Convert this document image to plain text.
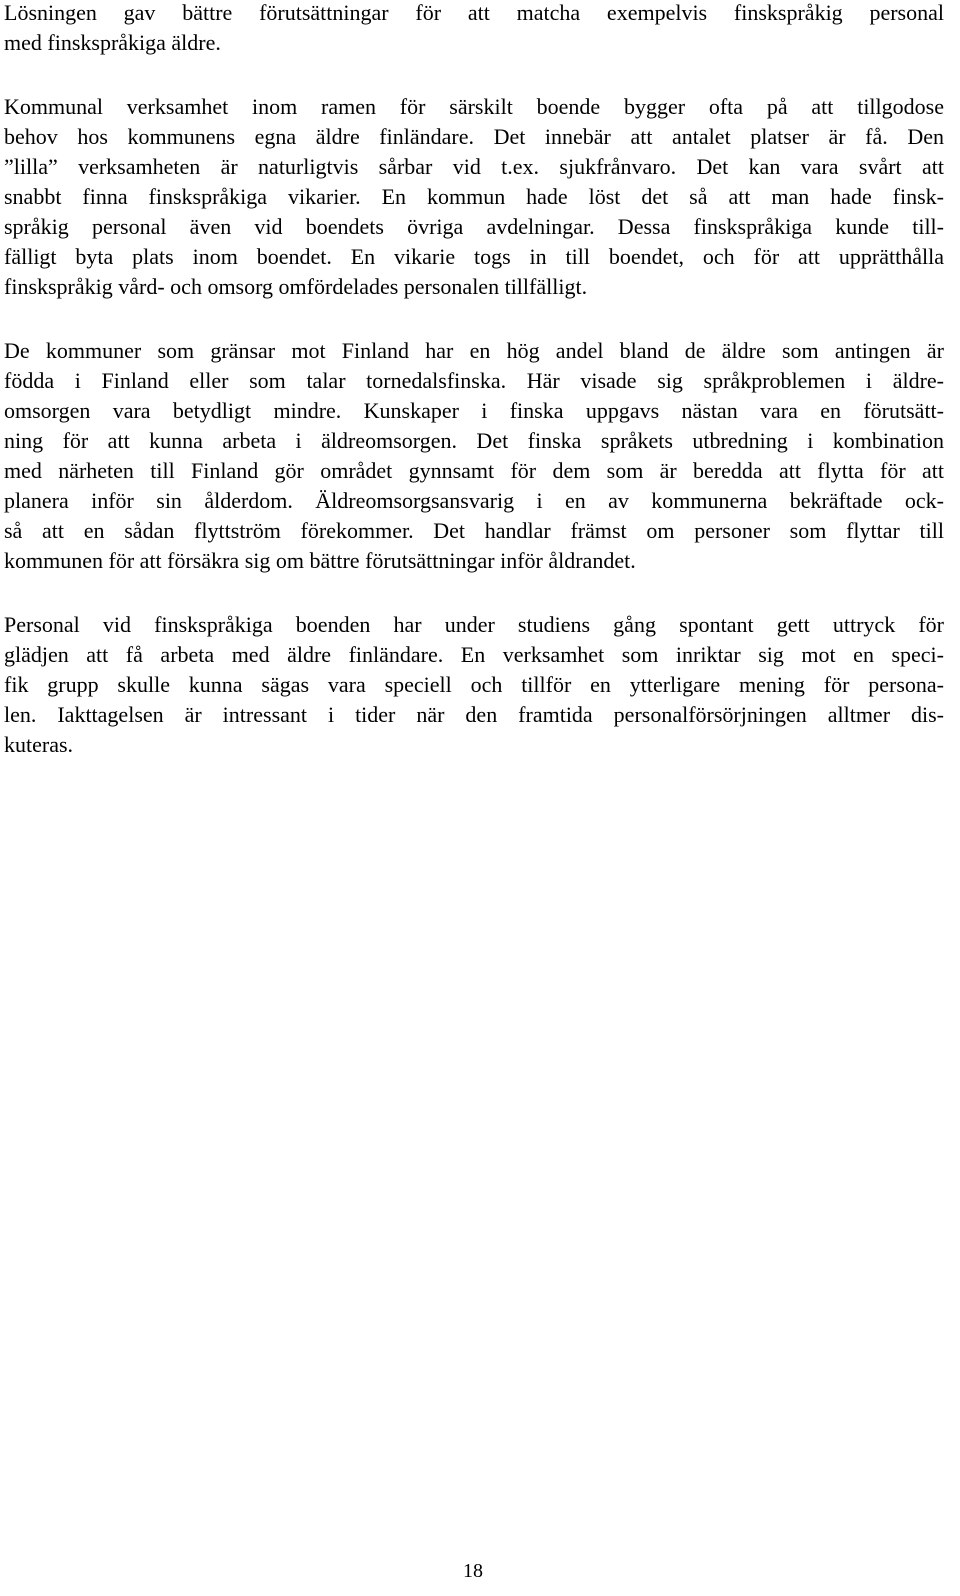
Lösningen gav bättre förutsättningar för att matcha exempelvis finskspråkig personal
med finskspråkiga äldre.
Kommunal verksamhet inom ramen för särskilt boende bygger ofta på att tillgodose
behov hos kommunens egna äldre finländare. Det innebär att antalet platser är få. Den
”lilla” verksamheten är naturligtvis sårbar vid t.ex. sjukfrånvaro. Det kan vara svårt att
snabbt finna finskspråkiga vikarier. En kommun hade löst det så att man hade finsk-
språkig personal även vid boendets övriga avdelningar. Dessa finskspråkiga kunde till-
fälligt byta plats inom boendet. En vikarie togs in till boendet, och för att upprätthålla
finskspråkig vård- och omsorg omfördelades personalen tillfälligt.
De kommuner som gränsar mot Finland har en hög andel bland de äldre som antingen är
födda i Finland eller som talar tornedalsfinska. Här visade sig språkproblemen i äldre-
omsorgen vara betydligt mindre. Kunskaper i finska uppgavs nästan vara en förutsätt-
ning för att kunna arbeta i äldreomsorgen. Det finska språkets utbredning i kombination
med närheten till Finland gör området gynnsamt för dem som är beredda att flytta för att
planera inför sin ålderdom. Äldreomsorgsansvarig i en av kommunerna bekräftade ock-
så att en sådan flyttström förekommer. Det handlar främst om personer som flyttar till
kommunen för att försäkra sig om bättre förutsättningar inför åldrandet.
Personal vid finskspråkiga boenden har under studiens gång spontant gett uttryck för
glädjen att få arbeta med äldre finländare. En verksamhet som inriktar sig mot en speci-
fik grupp skulle kunna sägas vara speciell och tillför en ytterligare mening för persona-
len. Iakttagelsen är intressant i tider när den framtida personalförsörjningen alltmer dis-
kuteras.
18
